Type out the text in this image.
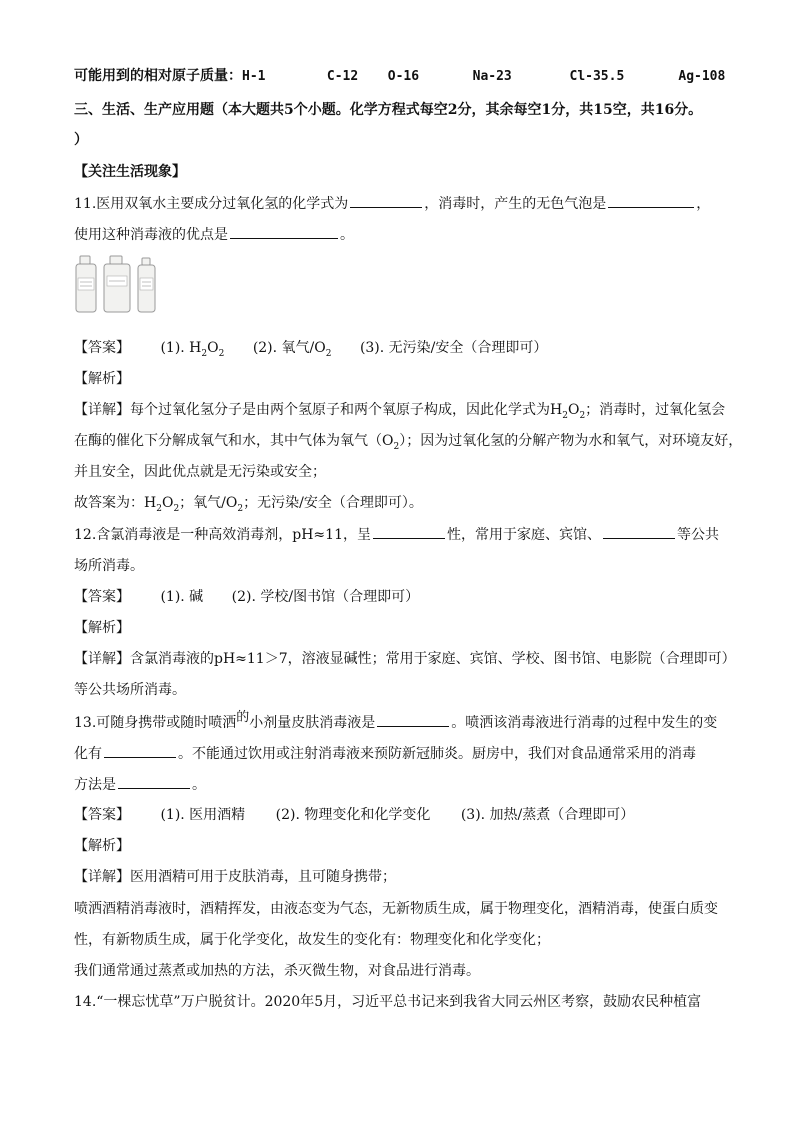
可能用到的相对原子质量：H-1	C-12 O-16	Na-23	Cl-35.5	Ag-108
三、生活、生产应用题（本大题共5个小题。化学方程式每空2分，其余每空1分，共15空，共16分。
）
【关注生活现象】
11.医用双氧水主要成分过氧化氢的化学式为	，消毒时，产生的无色气泡是	，
使用这种消毒液的优点是	。
【答案】 (1). $H_2O_2$ (2). 氧气$/O_2$ (3). 无污染/安全（合理即可）
【解析】
【详解】每个过氧化氢分子是由两个氢原子和两个氧原子构成，因此化学式为$H_2O_2$；消毒时，过氧化氢会
在酶的催化下分解成氧气和水，其中气体为氧气$(O_2)$；因为过氧化氢的分解产物为水和氧气，对环境友好，
并且安全，因此优点就是无污染或安全；
故答案为：$H_2O_2$；氧气$/O_2$；无污染/安全（合理即可）。
12.含氯消毒液是一种高效消毒剂，pH≈11，呈	性，常用于家庭、宾馆、	等公共
场所消毒。
【答案】 (1). 碱 (2). 学校/图书馆（合理即可）
【解析】
【详解】含氯消毒液的pH≈11＞7，溶液显碱性；常用于家庭、宾馆、学校、图书馆、电影院（合理即可）
等公共场所消毒。
13.可随身携带或随时喷洒的小剂量皮肤消毒液是	。喷洒该消毒液进行消毒的过程中发生的变
化有	。不能通过饮用或注射消毒液来预防新冠肺炎。厨房中，我们对食品通常采用的消毒
方法是	。
【答案】 (1). 医用酒精 (2). 物理变化和化学变化 (3). 加热/蒸煮（合理即可）
【解析】
【详解】医用酒精可用于皮肤消毒，且可随身携带；
喷洒酒精消毒液时，酒精挥发，由液态变为气态，无新物质生成，属于物理变化，酒精消毒，使蛋白质变
性，有新物质生成，属于化学变化，故发生的变化有：物理变化和化学变化；
我们通常通过蒸煮或加热的方法，杀灭微生物，对食品进行消毒。
14.“一棵忘忧草”万户脱贫计。2020年5月，习近平总书记来到我省大同云州区考察，鼓励农民种植富
